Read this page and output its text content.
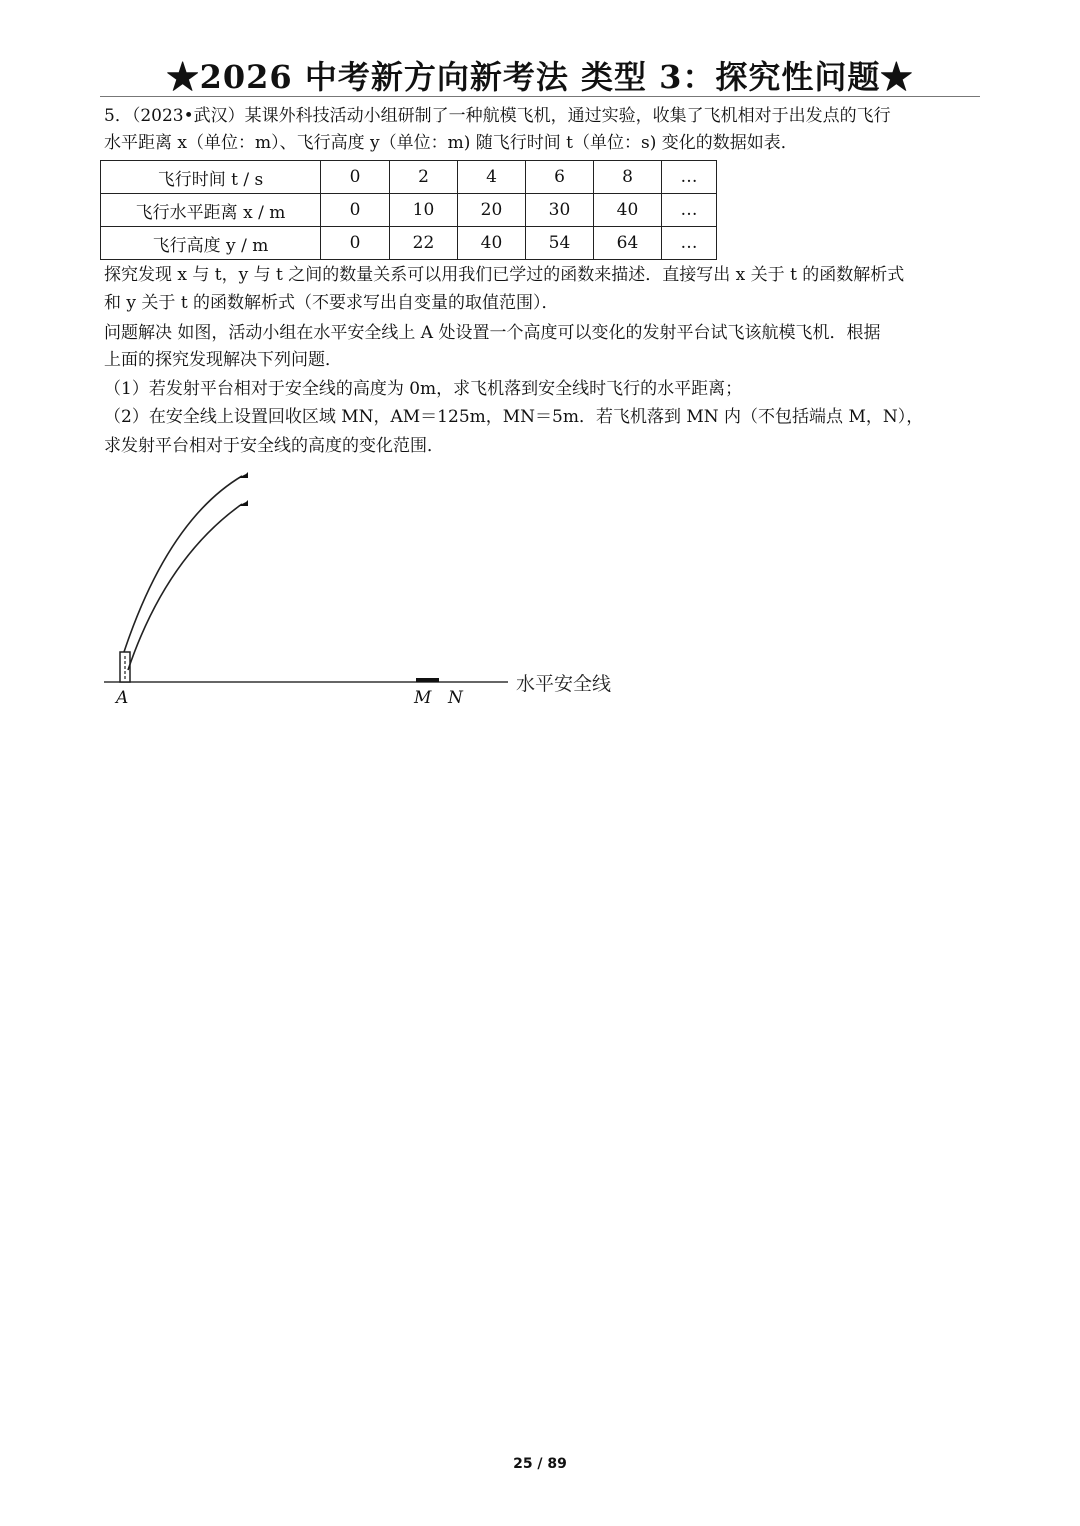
★2026 中考新方向新考法 类型 3：探究性问题★
5．（2023•武汉）某课外科技活动小组研制了一种航模飞机，通过实验，收集了飞机相对于出发点的飞行
水平距离 x（单位：m）、飞行高度 y（单位：m) 随飞行时间 t（单位：s) 变化的数据如表．
飞行时间 t / s	0	2	4	6	8	…
飞行水平距离 x / m	0	10	20	30	40	…
飞行高度 y / m	0	22	40	54	64	…
探究发现 x 与 t，y 与 t 之间的数量关系可以用我们已学过的函数来描述．直接写出 x 关于 t 的函数解析式
和 y 关于 t 的函数解析式（不要求写出自变量的取值范围）．
问题解决 如图，活动小组在水平安全线上 A 处设置一个高度可以变化的发射平台试飞该航模飞机．根据
上面的探究发现解决下列问题．
（1）若发射平台相对于安全线的高度为 0m，求飞机落到安全线时飞行的水平距离；
（2）在安全线上设置回收区域 MN，AM＝125m，MN＝5m．若飞机落到 MN 内（不包括端点 M，N），
求发射平台相对于安全线的高度的变化范围．
A	M N
水平安全线
25 / 89
